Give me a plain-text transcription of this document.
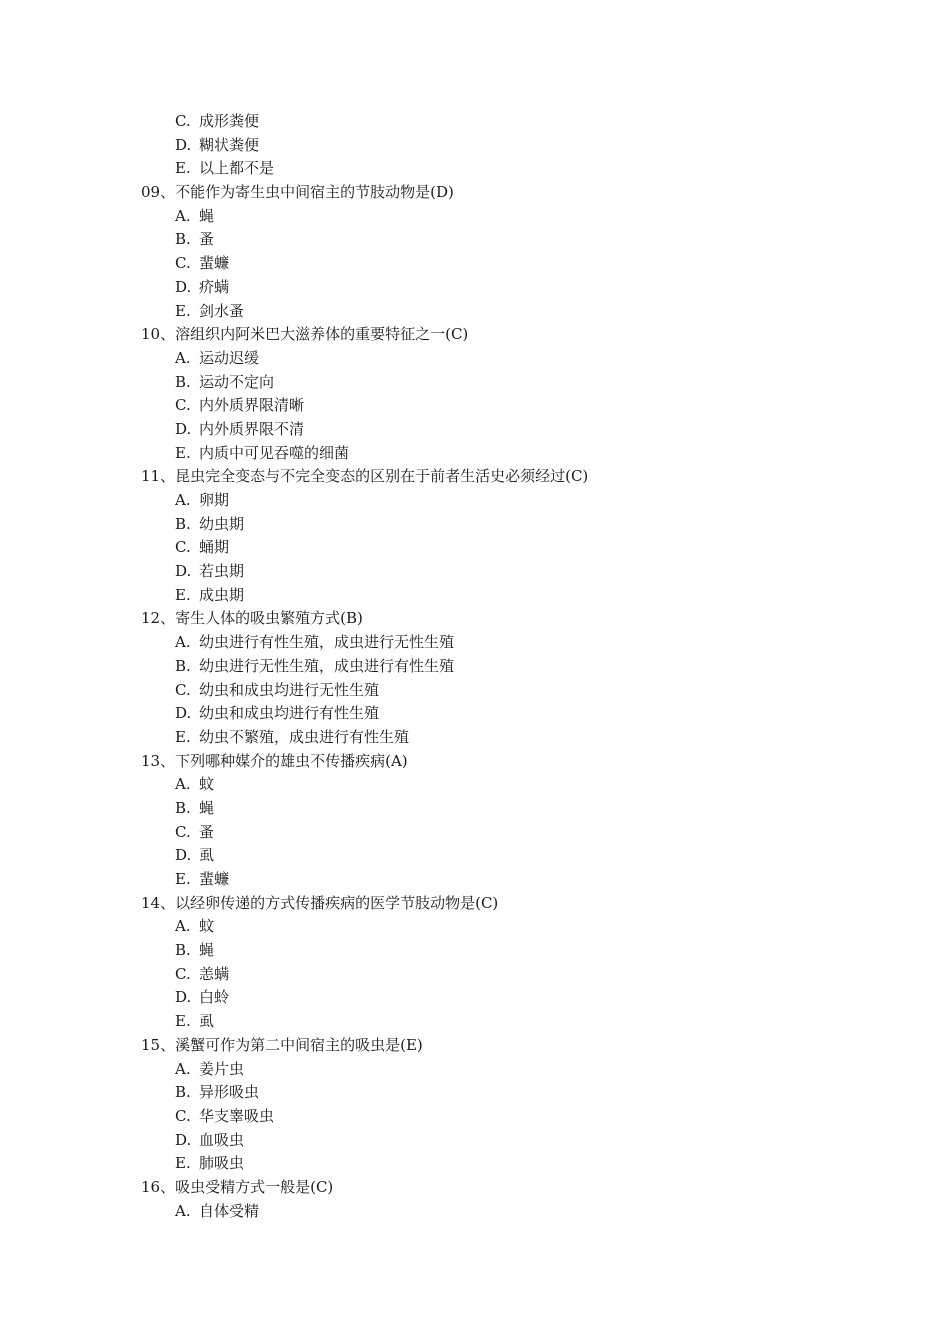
C. 成形粪便
D. 糊状粪便
E. 以上都不是
09、不能作为寄生虫中间宿主的节肢动物是(D)
A. 蝇
B. 蚤
C. 蜚蠊
D. 疥螨
E. 剑水蚤
10、溶组织内阿米巴大滋养体的重要特征之一(C)
A. 运动迟缓
B. 运动不定向
C. 内外质界限清晰
D. 内外质界限不清
E. 内质中可见吞噬的细菌
11、昆虫完全变态与不完全变态的区别在于前者生活史必须经过(C)
A. 卵期
B. 幼虫期
C. 蛹期
D. 若虫期
E. 成虫期
12、寄生人体的吸虫繁殖方式(B)
A. 幼虫进行有性生殖，成虫进行无性生殖
B. 幼虫进行无性生殖，成虫进行有性生殖
C. 幼虫和成虫均进行无性生殖
D. 幼虫和成虫均进行有性生殖
E. 幼虫不繁殖，成虫进行有性生殖
13、下列哪种媒介的雄虫不传播疾病(A)
A. 蚊
B. 蝇
C. 蚤
D. 虱
E. 蜚蠊
14、以经卵传递的方式传播疾病的医学节肢动物是(C)
A. 蚊
B. 蝇
C. 恙螨
D. 白蛉
E. 虱
15、溪蟹可作为第二中间宿主的吸虫是(E)
A. 姜片虫
B. 异形吸虫
C. 华支睾吸虫
D. 血吸虫
E. 肺吸虫
16、吸虫受精方式一般是(C)
A. 自体受精
